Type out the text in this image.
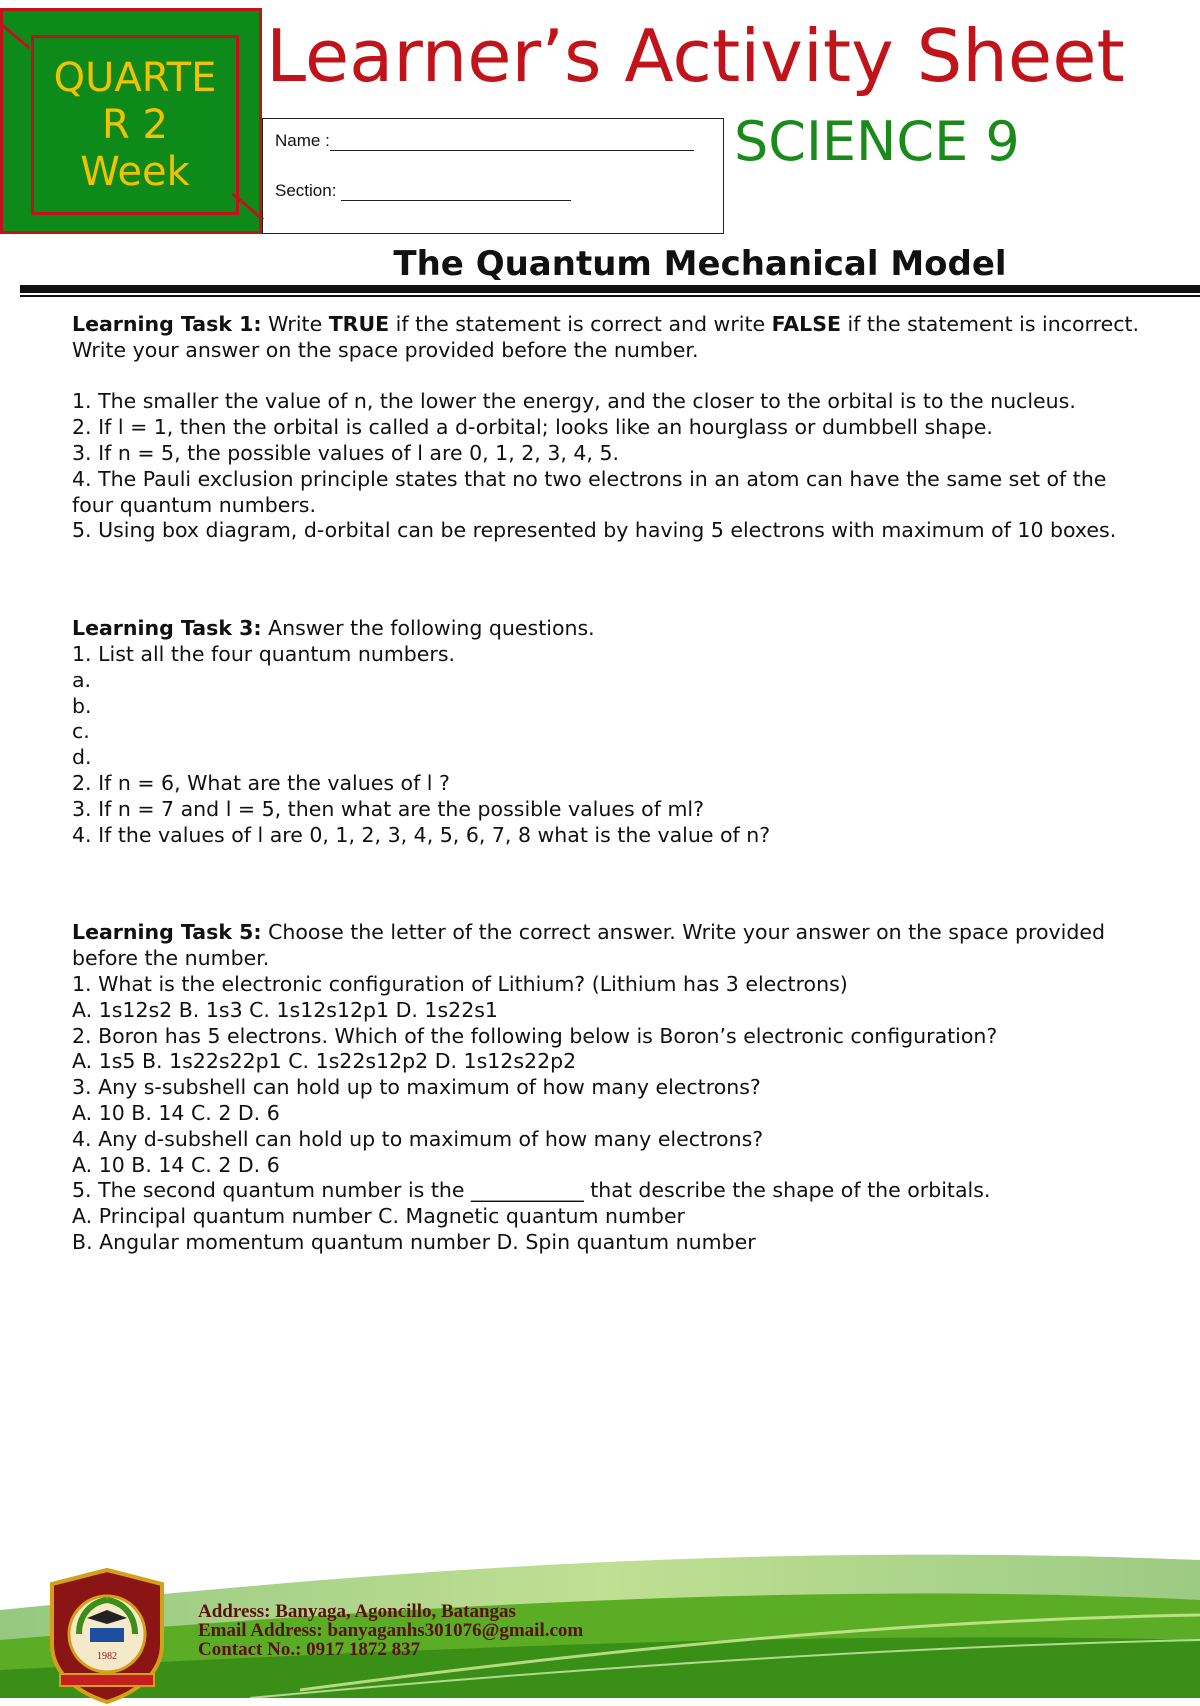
QUARTE
R 2
Week
Learner’s Activity Sheet
Name :
Section:
SCIENCE 9
The Quantum Mechanical Model

Learning Task 1: Write TRUE if the statement is correct and write FALSE if the statement is incorrect. Write your answer on the space provided before the number.

1. The smaller the value of n, the lower the energy, and the closer to the orbital is to the nucleus.

2. If l = 1, then the orbital is called a d-orbital; looks like an hourglass or dumbbell shape.

3. If n = 5, the possible values of l are 0, 1, 2, 3, 4, 5.

4. The Pauli exclusion principle states that no two electrons in an atom can have the same set of the four quantum numbers.

5. Using box diagram, d-orbital can be represented by having 5 electrons with maximum of 10 boxes.

Learning Task 3: Answer the following questions.

1. List all the four quantum numbers.

a.

b.

c.

d.

2. If n = 6, What are the values of l ?

3. If n = 7 and l = 5, then what are the possible values of ml?

4. If the values of l are 0, 1, 2, 3, 4, 5, 6, 7, 8 what is the value of n?

Learning Task 5: Choose the letter of the correct answer. Write your answer on the space provided before the number.

1. What is the electronic configuration of Lithium? (Lithium has 3 electrons)

A. 1s12s2 B. 1s3 C. 1s12s12p1 D. 1s22s1

2. Boron has 5 electrons. Which of the following below is Boron’s electronic configuration?

A. 1s5 B. 1s22s22p1 C. 1s22s12p2 D. 1s12s22p2

3. Any s-subshell can hold up to maximum of how many electrons?

A. 10 B. 14 C. 2 D. 6

4. Any d-subshell can hold up to maximum of how many electrons?

A. 10 B. 14 C. 2 D. 6

5. The second quantum number is the ___________ that describe the shape of the orbitals.

A. Principal quantum number C. Magnetic quantum number

B. Angular momentum quantum number D. Spin quantum number

1982
Address: Banyaga, Agoncillo, Batangas
Email Address: banyaganhs301076@gmail.com
Contact No.: 0917 1872 837
